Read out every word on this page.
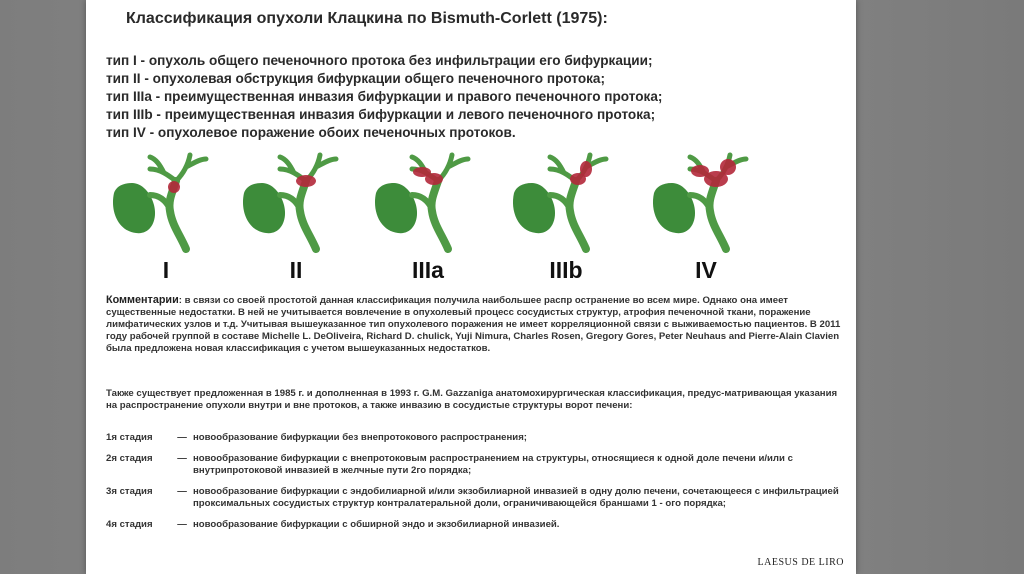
Классификация опухоли Клацкина по Bismuth-Corlett (1975):
тип I - опухоль общего печеночного протока без инфильтрации его бифуркации;
тип II - опухолевая обструкция бифуркации общего печеночного протока;
тип IIIa - преимущественная инвазия бифуркации и правого печеночного протока;
тип IIIb - преимущественная инвазия бифуркации и левого печеночного протока;
тип IV - опухолевое поражение обоих печеночных протоков.
I	II	IIIa	IIIb	IV
Комментарии: в связи со своей простотой данная классификация получила наибольшее распр остранение во всем мире. Однако она имеет существенные недостатки. В ней не учитывается вовлечение в опухолевый процесс сосудистых структур, атрофия печеночной ткани, поражение лимфатических узлов и т.д. Учитывая вышеуказанное тип опухолевого поражения не имеет корреляционной связи с выживаемостью пациентов. В 2011 году рабочей группой в составе Michelle L. DeOliveira, Richard D. chulick, Yuji Nimura, Charles Rosen, Gregory Gores, Peter Neuhaus and Pierre-Alain Clavien была предложена новая классификация с учетом вышеуказанных недостатков.
Также существует предложенная в 1985 г. и дополненная в 1993 г. G.M. Gazzaniga анатомохирургическая классификация, предус-матривающая указания на распространение опухоли внутри и вне протоков, а также инвазию в сосудистые структуры ворот печени:
1я стадия	— новообразование бифуркации без внепротокового распространения;
2я стадия	— новообразование бифуркации с внепротоковым распространением на структуры, относящиеся к одной доле печени и/или с внутрипротоковой инвазией в желчные пути 2го порядка;
3я стадия	— новообразование бифуркации с эндобилиарной и/или экзобилиарной инвазией в одну долю печени, сочетающееся с инфильтрацией проксимальных сосудистых структур контралатеральной доли, ограничивающейся браншами 1 - ого порядка;
4я стадия	— новообразование бифуркации с обширной эндо и экзобилиарной инвазией.
LAESUS DE LIRO
